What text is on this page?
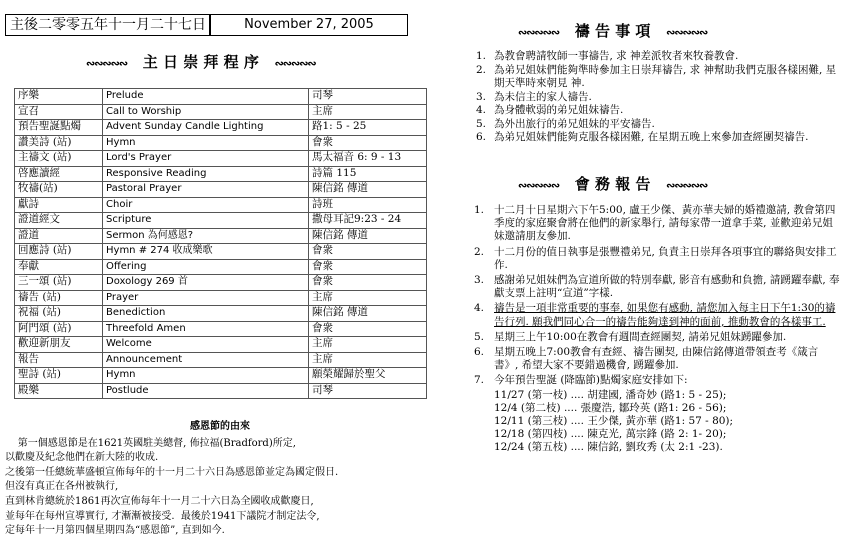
主後二零零五年十一月二十七日	November 27, 2005
∾∾∾∾∾ 主 日 崇 拜 程 序 ∾∾∾∾∾
序樂	Prelude	司琴
宣召	Call to Worship	主席
預告聖誕點燭	Advent Sunday Candle Lighting	路1: 5 - 25
讚美詩 (站)	Hymn	會衆
主禱文 (站)	Lord's Prayer	馬太福音 6: 9 - 13
啓應讀經	Responsive Reading	詩篇 115
牧禱(站)	Pastoral Prayer	陳信銘 傳道
獻詩	Choir	詩班
證道經文	Scripture	撒母耳記9:23 - 24
證道	Sermon 為何感恩?	陳信銘 傳道
回應詩 (站)	Hymn # 274 收成樂歌	會衆
奉獻	Offering	會衆
三一頌 (站)	Doxology 269 首	會衆
禱告 (站)	Prayer	主席
祝福 (站)	Benediction	陳信銘 傳道
阿門頌 (站)	Threefold Amen	會衆
歡迎新朋友	Welcome	主席
報告	Announcement	主席
聖詩 (站)	Hymn	願榮耀歸於聖父
殿樂	Postlude	司琴
感恩節的由來
第一個感恩節是在1621英國駐美總督, 佈拉福(Bradford)所定,
以歡慶及紀念他們在新大陸的收成.
之後第一任總統華盛頓宣佈每年的十一月二十六日為感恩節並定為國定假日.
但沒有真正在各州被執行,
直到林肯總統於1861再次宣佈每年十一月二十六日為全國收成歡慶日,
並每年在每州宣導實行, 才漸漸被接受.  最後於1941下議院才制定法令,
定每年十一月第四個星期四為“感恩節”, 直到如今.
∾∾∾∾∾ 禱 告 事 項 ∾∾∾∾∾
1. 為教會聘請牧師一事禱告, 求 神差派牧者來牧養教會.
2. 為弟兄姐妹們能夠準時參加主日崇拜禱告, 求 神幫助我們克服各樣困難, 星期天準時來朝見 神.
3. 為未信主的家人禱告.
4. 為身體軟弱的弟兄姐妹禱告.
5. 為外出旅行的弟兄姐妹的平安禱告.
6. 為弟兄姐妹們能夠克服各樣困難, 在星期五晚上來參加查經團契禱告.
∾∾∾∾∾ 會 務 報 告 ∾∾∾∾∾
1. 十二月十日星期六下午5:00, 盧王少傑、黃亦華夫婦的婚禮邀請, 教會第四季度的家庭聚會將在他們的新家舉行, 請每家帶一道拿手菜, 並歡迎弟兄姐妹邀請朋友參加.
2. 十二月份的值日執事是張豐禮弟兄, 負責主日崇拜各項事宜的聯絡與安排工作.
3. 感謝弟兄姐妹們為宣道所做的特別奉獻, 影音有感動和負擔, 請踴躍奉獻, 奉獻支票上註明“宣道”字樣.
4. 禱告是一項非常重要的事奉, 如果您有感動, 請您加入每主日下午1:30的禱告行列. 願我們同心合一的禱告能夠達到神的面前, 推動教會的各樣事工.
5. 星期三上午10:00在教會有週間查經團契, 請弟兄姐妹踴躍參加.
6. 星期五晚上7:00教會有查經、禱告團契, 由陳信銘傳道帶領查考《箴言書》, 希望大家不要錯過機會, 踴躍參加.
7. 今年預告聖誕 (降臨節)點燭家庭安排如下:
11/27 (第一枝) .... 胡建國, 潘奇妙 (路1: 5 - 25);
12/4 (第二枝) .... 張慶浩, 鄒玲英 (路1: 26 - 56);
12/11 (第三枝) .... 王少傑, 黃亦華 (路1: 57 - 80);
12/18 (第四枝) .... 陳克光, 萬宗鋒 (路 2: 1- 20);
12/24 (第五枝) .... 陳信銘, 劉玫秀 (太 2:1 -23).
